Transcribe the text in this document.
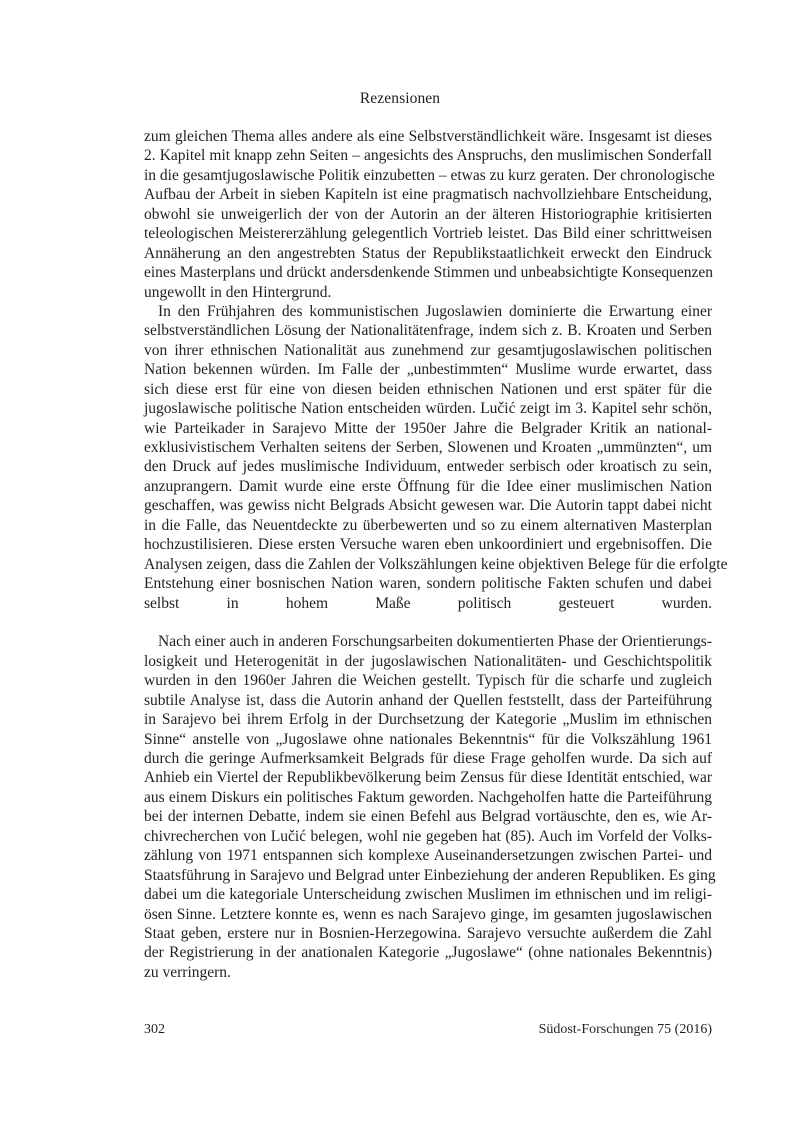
Rezensionen
zum gleichen Thema alles andere als eine Selbstverständlichkeit wäre. Insgesamt ist dieses
2. Kapitel mit knapp zehn Seiten – angesichts des Anspruchs, den muslimischen Sonderfall
in die gesamtjugoslawische Politik einzubetten – etwas zu kurz geraten. Der chronologische
Aufbau der Arbeit in sieben Kapiteln ist eine pragmatisch nachvollziehbare Entscheidung,
obwohl sie unweigerlich der von der Autorin an der älteren Historiographie kritisierten
teleologischen Meistererzählung gelegentlich Vortrieb leistet. Das Bild einer schrittweisen
Annäherung an den angestrebten Status der Republikstaatlichkeit erweckt den Eindruck
eines Masterplans und drückt andersdenkende Stimmen und unbeabsichtigte Konsequenzen
ungewollt in den Hintergrund.
In den Frühjahren des kommunistischen Jugoslawien dominierte die Erwartung einer
selbstverständlichen Lösung der Nationalitätenfrage, indem sich z. B. Kroaten und Serben
von ihrer ethnischen Nationalität aus zunehmend zur gesamtjugoslawischen politischen
Nation bekennen würden. Im Falle der „unbestimmten“ Muslime wurde erwartet, dass
sich diese erst für eine von diesen beiden ethnischen Nationen und erst später für die
jugoslawische politische Nation entscheiden würden. Lučić zeigt im 3. Kapitel sehr schön,
wie Parteikader in Sarajevo Mitte der 1950er Jahre die Belgrader Kritik an national-
exklusivistischem Verhalten seitens der Serben, Slowenen und Kroaten „ummünzten“, um
den Druck auf jedes muslimische Individuum, entweder serbisch oder kroatisch zu sein,
anzuprangern. Damit wurde eine erste Öffnung für die Idee einer muslimischen Nation
geschaffen, was gewiss nicht Belgrads Absicht gewesen war. Die Autorin tappt dabei nicht
in die Falle, das Neuentdeckte zu überbewerten und so zu einem alternativen Masterplan
hochzustilisieren. Diese ersten Versuche waren eben unkoordiniert und ergebnisoffen. Die
Analysen zeigen, dass die Zahlen der Volkszählungen keine objektiven Belege für die erfolgte
Entstehung einer bosnischen Nation waren, sondern politische Fakten schufen und dabei
selbst in hohem Maße politisch gesteuert wurden.
Nach einer auch in anderen Forschungsarbeiten dokumentierten Phase der Orientierungs-
losigkeit und Heterogenität in der jugoslawischen Nationalitäten- und Geschichtspolitik
wurden in den 1960er Jahren die Weichen gestellt. Typisch für die scharfe und zugleich
subtile Analyse ist, dass die Autorin anhand der Quellen feststellt, dass der Parteiführung
in Sarajevo bei ihrem Erfolg in der Durchsetzung der Kategorie „Muslim im ethnischen
Sinne“ anstelle von „Jugoslawe ohne nationales Bekenntnis“ für die Volkszählung 1961
durch die geringe Aufmerksamkeit Belgrads für diese Frage geholfen wurde. Da sich auf
Anhieb ein Viertel der Republikbevölkerung beim Zensus für diese Identität entschied, war
aus einem Diskurs ein politisches Faktum geworden. Nachgeholfen hatte die Parteiführung
bei der internen Debatte, indem sie einen Befehl aus Belgrad vortäuschte, den es, wie Ar-
chivrecherchen von Lučić belegen, wohl nie gegeben hat (85). Auch im Vorfeld der Volks-
zählung von 1971 entspannen sich komplexe Auseinandersetzungen zwischen Partei- und
Staatsführung in Sarajevo und Belgrad unter Einbeziehung der anderen Republiken. Es ging
dabei um die kategoriale Unterscheidung zwischen Muslimen im ethnischen und im religi-
ösen Sinne. Letztere konnte es, wenn es nach Sarajevo ginge, im gesamten jugoslawischen
Staat geben, erstere nur in Bosnien-Herzegowina. Sarajevo versuchte außerdem die Zahl
der Registrierung in der anationalen Kategorie „Jugoslawe“ (ohne nationales Bekenntnis)
zu verringern.
302	Südost-Forschungen 75 (2016)
